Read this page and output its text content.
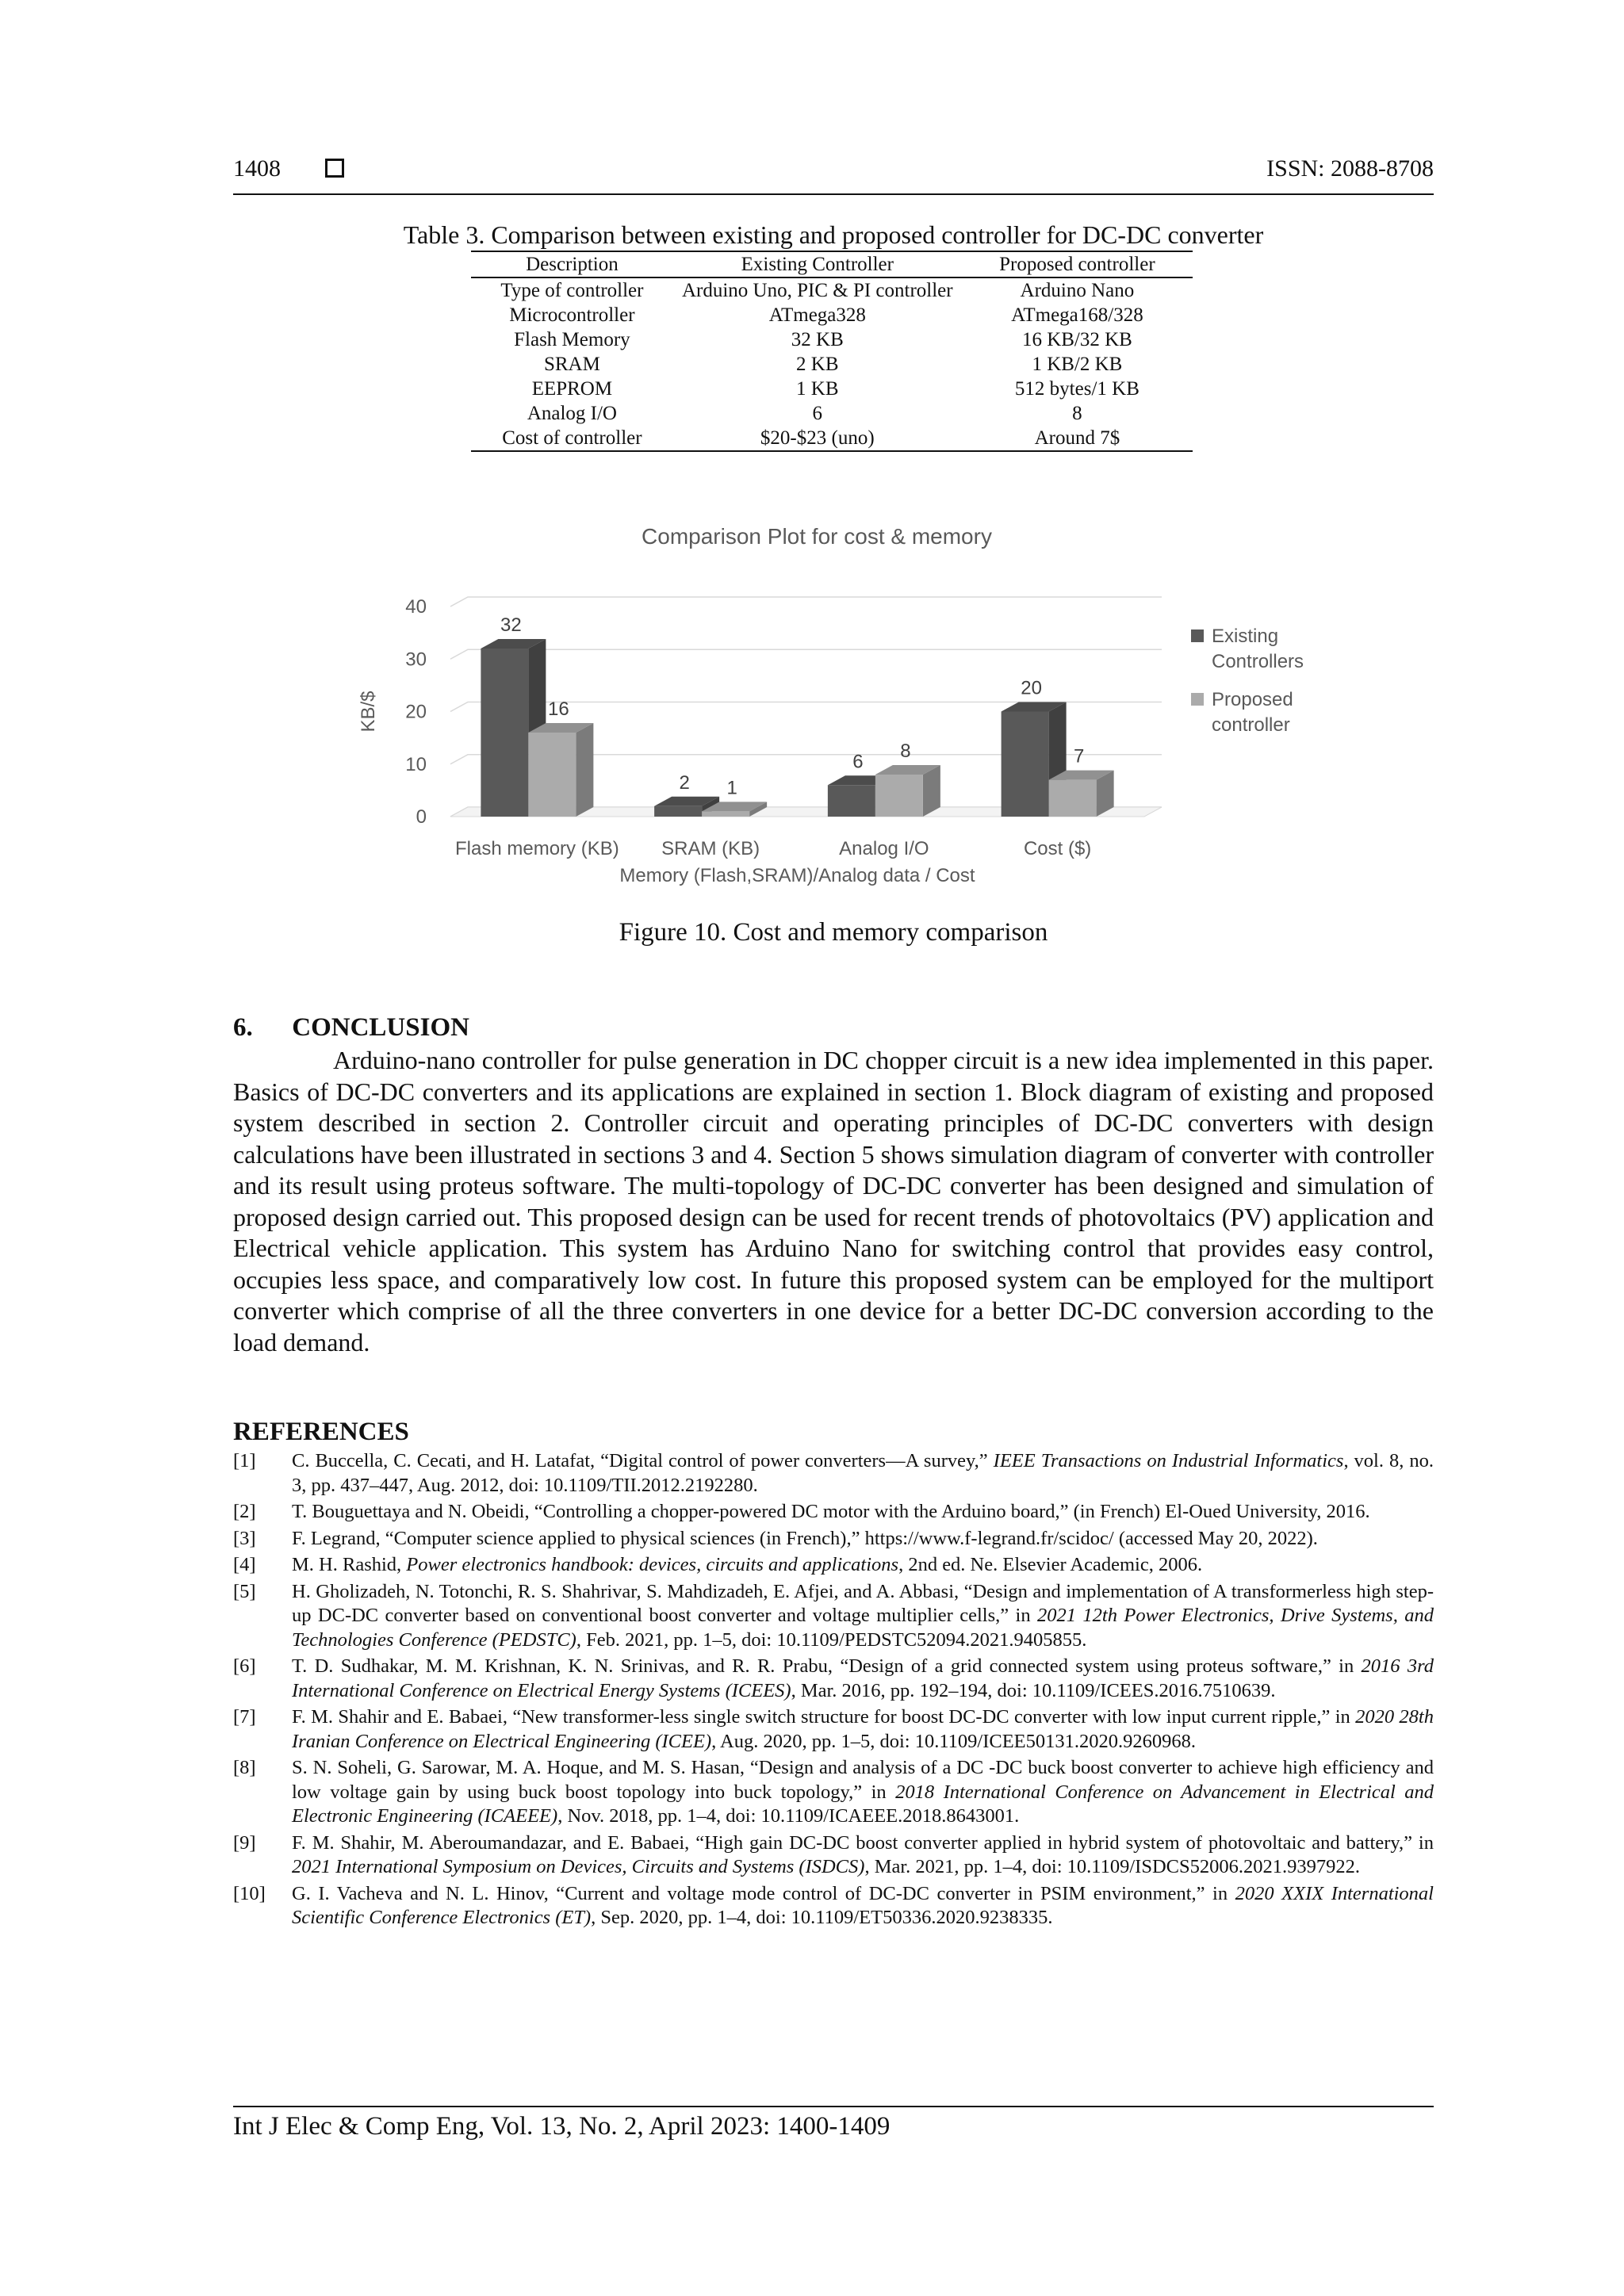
1408	ISSN: 2088-8708
Table 3. Comparison between existing and proposed controller for DC-DC converter
Description	Existing Controller	Proposed controller
Type of controller	Arduino Uno, PIC & PI controller	Arduino Nano
Microcontroller	ATmega328	ATmega168/328
Flash Memory	32 KB	16 KB/32 KB
SRAM	2 KB	1 KB/2 KB
EEPROM	1 KB	512 bytes/1 KB
Analog I/O	6	8
Cost of controller	$20-$23 (uno)	Around 7$
Comparison Plot for cost & memory
0
10
20
30
40
32
16
2 1
6 8
20
7
Flash memory (KB) SRAM (KB)	Analog I/O	Cost ($)
KB/$
Memory (Flash,SRAM)/Analog data / Cost
Existing
Controllers
Proposed
controller
Figure 10. Cost and memory comparison
6.      CONCLUSION

Arduino-nano controller for pulse generation in DC chopper circuit is a new idea implemented in this paper. Basics of DC-DC converters and its applications are explained in section 1. Block diagram of existing and proposed system described in section 2. Controller circuit and operating principles of DC-DC converters with design calculations have been illustrated in sections 3 and 4. Section 5 shows simulation diagram of converter with controller and its result using proteus software. The multi-topology of DC-DC converter has been designed and simulation of proposed design carried out. This proposed design can be used for recent trends of photovoltaics (PV) application and Electrical vehicle application. This system has Arduino Nano for switching control that provides easy control, occupies less space, and comparatively low cost. In future this proposed system can be employed for the multiport converter which comprise of all the three converters in one device for a better DC-DC conversion according to the load demand.

REFERENCES
[1]	C. Buccella, C. Cecati, and H. Latafat, “Digital control of power converters—A survey,” IEEE Transactions on Industrial Informatics, vol. 8, no. 3, pp. 437–447, Aug. 2012, doi: 10.1109/TII.2012.2192280.
[2]	T. Bouguettaya and N. Obeidi, “Controlling a chopper-powered DC motor with the Arduino board,” (in French) El-Oued University, 2016.
[3]	F. Legrand, “Computer science applied to physical sciences (in French),” https://www.f-legrand.fr/scidoc/ (accessed May 20, 2022).
[4]	M. H. Rashid, Power electronics handbook: devices, circuits and applications, 2nd ed. Ne. Elsevier Academic, 2006.
[5]	H. Gholizadeh, N. Totonchi, R. S. Shahrivar, S. Mahdizadeh, E. Afjei, and A. Abbasi, “Design and implementation of A transformerless high step-up DC-DC converter based on conventional boost converter and voltage multiplier cells,” in 2021 12th Power Electronics, Drive Systems, and Technologies Conference (PEDSTC), Feb. 2021, pp. 1–5, doi: 10.1109/PEDSTC52094.2021.9405855.
[6]	T. D. Sudhakar, M. M. Krishnan, K. N. Srinivas, and R. R. Prabu, “Design of a grid connected system using proteus software,” in 2016 3rd International Conference on Electrical Energy Systems (ICEES), Mar. 2016, pp. 192–194, doi: 10.1109/ICEES.2016.7510639.
[7]	F. M. Shahir and E. Babaei, “New transformer-less single switch structure for boost DC-DC converter with low input current ripple,” in 2020 28th Iranian Conference on Electrical Engineering (ICEE), Aug. 2020, pp. 1–5, doi: 10.1109/ICEE50131.2020.9260968.
[8]	S. N. Soheli, G. Sarowar, M. A. Hoque, and M. S. Hasan, “Design and analysis of a DC -DC buck boost converter to achieve high efficiency and low voltage gain by using buck boost topology into buck topology,” in 2018 International Conference on Advancement in Electrical and Electronic Engineering (ICAEEE), Nov. 2018, pp. 1–4, doi: 10.1109/ICAEEE.2018.8643001.
[9]	F. M. Shahir, M. Aberoumandazar, and E. Babaei, “High gain DC-DC boost converter applied in hybrid system of photovoltaic and battery,” in 2021 International Symposium on Devices, Circuits and Systems (ISDCS), Mar. 2021, pp. 1–4, doi: 10.1109/ISDCS52006.2021.9397922.
[10]	G. I. Vacheva and N. L. Hinov, “Current and voltage mode control of DC-DC converter in PSIM environment,” in 2020 XXIX International Scientific Conference Electronics (ET), Sep. 2020, pp. 1–4, doi: 10.1109/ET50336.2020.9238335.
Int J Elec & Comp Eng, Vol. 13, No. 2, April 2023: 1400-1409
